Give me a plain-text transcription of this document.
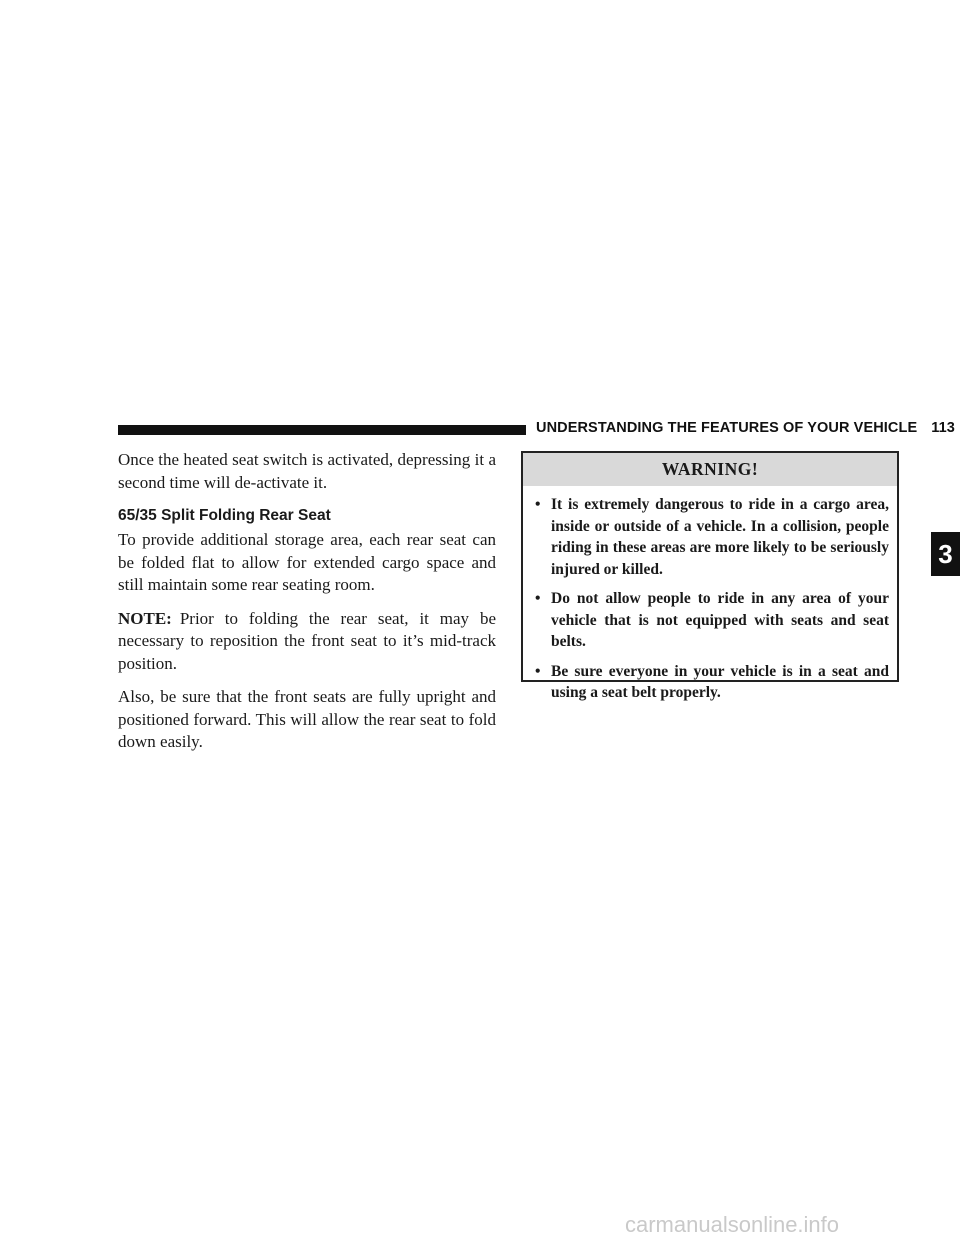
UNDERSTANDING THE FEATURES OF YOUR VEHICLE 113

Once the heated seat switch is activated, depressing it a second time will de-activate it.

65/35 Split Folding Rear Seat

To provide additional storage area, each rear seat can be folded flat to allow for extended cargo space and still maintain some rear seating room.

NOTE: Prior to folding the rear seat, it may be necessary to reposition the front seat to it’s mid-track position.

Also, be sure that the front seats are fully upright and positioned forward. This will allow the rear seat to fold down easily.

WARNING!
• It is extremely dangerous to ride in a cargo area, inside or outside of a vehicle. In a collision, people riding in these areas are more likely to be seriously injured or killed.
• Do not allow people to ride in any area of your vehicle that is not equipped with seats and seat belts.
• Be sure everyone in your vehicle is in a seat and using a seat belt properly.
3
carmanualsonline.info
